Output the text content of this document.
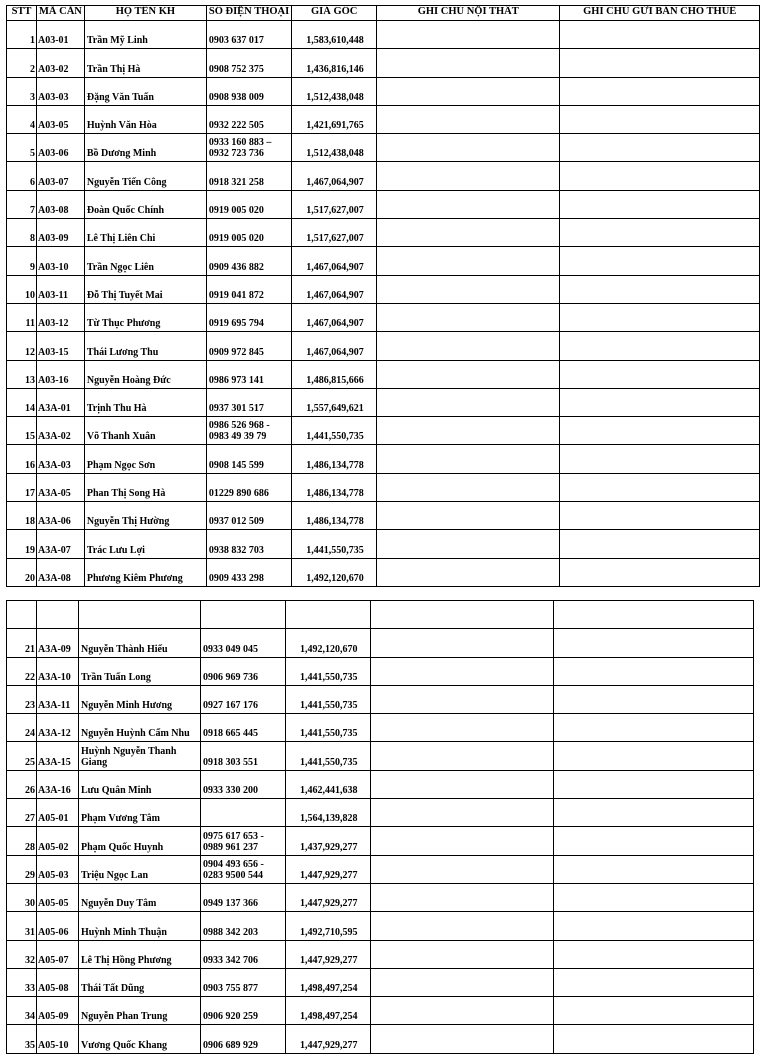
STT	MÃ CĂN	HỌ TÊN KH	SỐ ĐIỆN THOẠI	GIÁ GỐC	GHI CHÚ NỘI THẤT	GHI CHÚ GỬI BÁN CHO THUÊ
1	A03-01	Trần Mỹ Linh	0903 637 017	1,583,610,448		
2	A03-02	Trần Thị Hà	0908 752 375	1,436,816,146		
3	A03-03	Đặng Văn Tuấn	0908 938 009	1,512,438,048		
4	A03-05	Huỳnh Văn Hòa	0932 222 505	1,421,691,765		
5	A03-06	Bồ Dương Minh	0933 160 883 –
0932 723 736	1,512,438,048		
6	A03-07	Nguyễn Tiến Công	0918 321 258	1,467,064,907		
7	A03-08	Đoàn Quốc Chính	0919 005 020	1,517,627,007		
8	A03-09	Lê Thị Liên Chi	0919 005 020	1,517,627,007		
9	A03-10	Trần Ngọc Liên	0909 436 882	1,467,064,907		
10	A03-11	Đỗ Thị Tuyết Mai	0919 041 872	1,467,064,907		
11	A03-12	Từ Thục Phương	0919 695 794	1,467,064,907		
12	A03-15	Thái Lương Thu	0909 972 845	1,467,064,907		
13	A03-16	Nguyễn Hoàng Đức	0986 973 141	1,486,815,666		
14	A3A-01	Trịnh Thu Hà	0937 301 517	1,557,649,621		
15	A3A-02	Võ Thanh Xuân	0986 526 968 -
0983 49 39 79	1,441,550,735		
16	A3A-03	Phạm Ngọc Sơn	0908 145 599	1,486,134,778		
17	A3A-05	Phan Thị Song Hà	01229 890 686	1,486,134,778		
18	A3A-06	Nguyễn Thị Hường	0937 012 509	1,486,134,778		
19	A3A-07	Trác Lưu Lợi	0938 832 703	1,441,550,735		
20	A3A-08	Phương Kiêm Phương	0909 433 298	1,492,120,670		

21	A3A-09	Nguyễn Thành Hiếu	0933 049 045	1,492,120,670		
22	A3A-10	Trần Tuấn Long	0906 969 736	1,441,550,735		
23	A3A-11	Nguyễn Minh Hương	0927 167 176	1,441,550,735		
24	A3A-12	Nguyễn Huỳnh Cẩm Nhu	0918 665 445	1,441,550,735		
25	A3A-15	Huỳnh Nguyễn Thanh Giang	0918 303 551	1,441,550,735		
26	A3A-16	Lưu Quân Minh	0933 330 200	1,462,441,638		
27	A05-01	Phạm Vương Tâm		1,564,139,828		
28	A05-02	Phạm Quốc Huynh	0975 617 653 -
0989 961 237	1,437,929,277		
29	A05-03	Triệu Ngọc Lan	0904 493 656 -
0283 9500 544	1,447,929,277		
30	A05-05	Nguyễn Duy Tâm	0949 137 366	1,447,929,277		
31	A05-06	Huỳnh Minh Thuận	0988 342 203	1,492,710,595		
32	A05-07	Lê Thị Hồng Phương	0933 342 706	1,447,929,277		
33	A05-08	Thái Tất Dũng	0903 755 877	1,498,497,254		
34	A05-09	Nguyễn Phan Trung	0906 920 259	1,498,497,254		
35	A05-10	Vương Quốc Khang	0906 689 929	1,447,929,277		
